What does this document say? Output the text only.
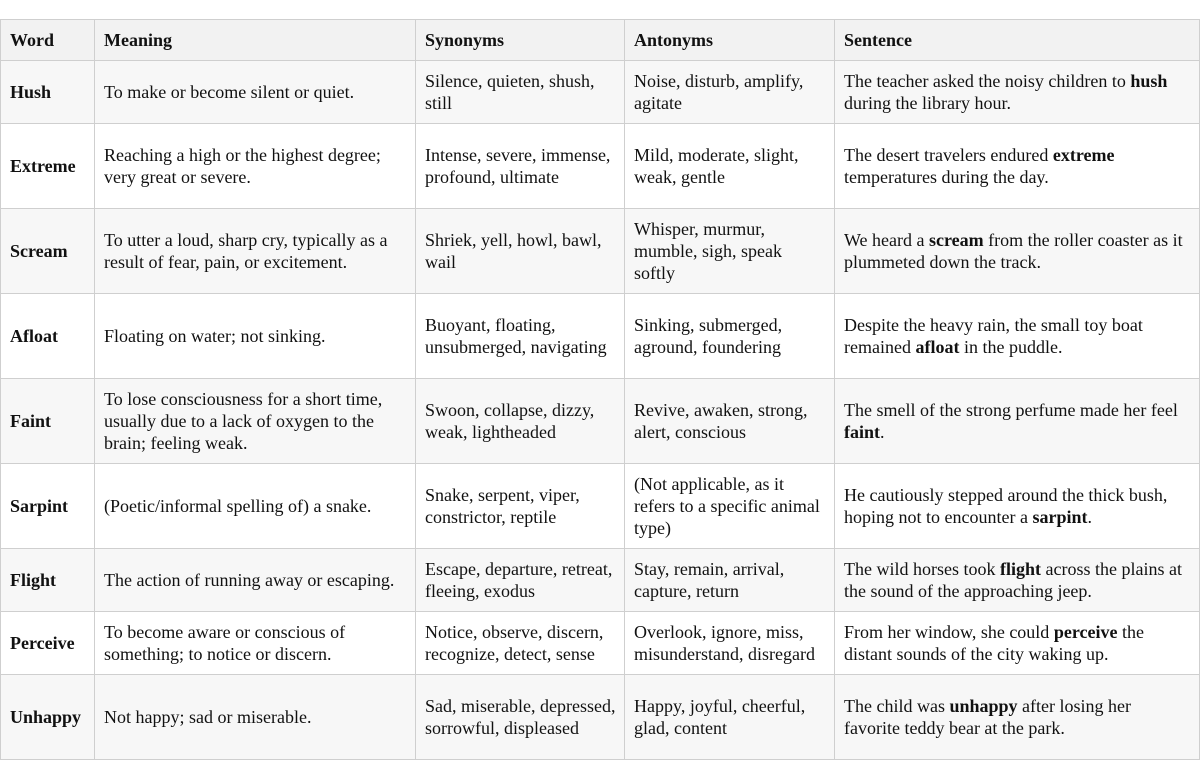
Word	Meaning	Synonyms	Antonyms	Sentence
Hush	To make or become silent or quiet.	Silence, quieten, shush, still	Noise, disturb, amplify, agitate	The teacher asked the noisy children to hush during the library hour.
Extreme	Reaching a high or the highest degree; very great or severe.	Intense, severe, immense, profound, ultimate	Mild, moderate, slight, weak, gentle	The desert travelers endured extreme temperatures during the day.
Scream	To utter a loud, sharp cry, typically as a result of fear, pain, or excitement.	Shriek, yell, howl, bawl, wail	Whisper, murmur, mumble, sigh, speak softly	We heard a scream from the roller coaster as it plummeted down the track.
Afloat	Floating on water; not sinking.	Buoyant, floating, unsubmerged, navigating	Sinking, submerged, aground, foundering	Despite the heavy rain, the small toy boat remained afloat in the puddle.
Faint	To lose consciousness for a short time, usually due to a lack of oxygen to the brain; feeling weak.	Swoon, collapse, dizzy, weak, lightheaded	Revive, awaken, strong, alert, conscious	The smell of the strong perfume made her feel faint.
Sarpint	(Poetic/informal spelling of) a snake.	Snake, serpent, viper, constrictor, reptile	(Not applicable, as it refers to a specific animal type)	He cautiously stepped around the thick bush, hoping not to encounter a sarpint.
Flight	The action of running away or escaping.	Escape, departure, retreat, fleeing, exodus	Stay, remain, arrival, capture, return	The wild horses took flight across the plains at the sound of the approaching jeep.
Perceive	To become aware or conscious of something; to notice or discern.	Notice, observe, discern, recognize, detect, sense	Overlook, ignore, miss, misunderstand, disregard	From her window, she could perceive the distant sounds of the city waking up.
Unhappy	Not happy; sad or miserable.	Sad, miserable, depressed, sorrowful, displeased	Happy, joyful, cheerful, glad, content	The child was unhappy after losing her favorite teddy bear at the park.
